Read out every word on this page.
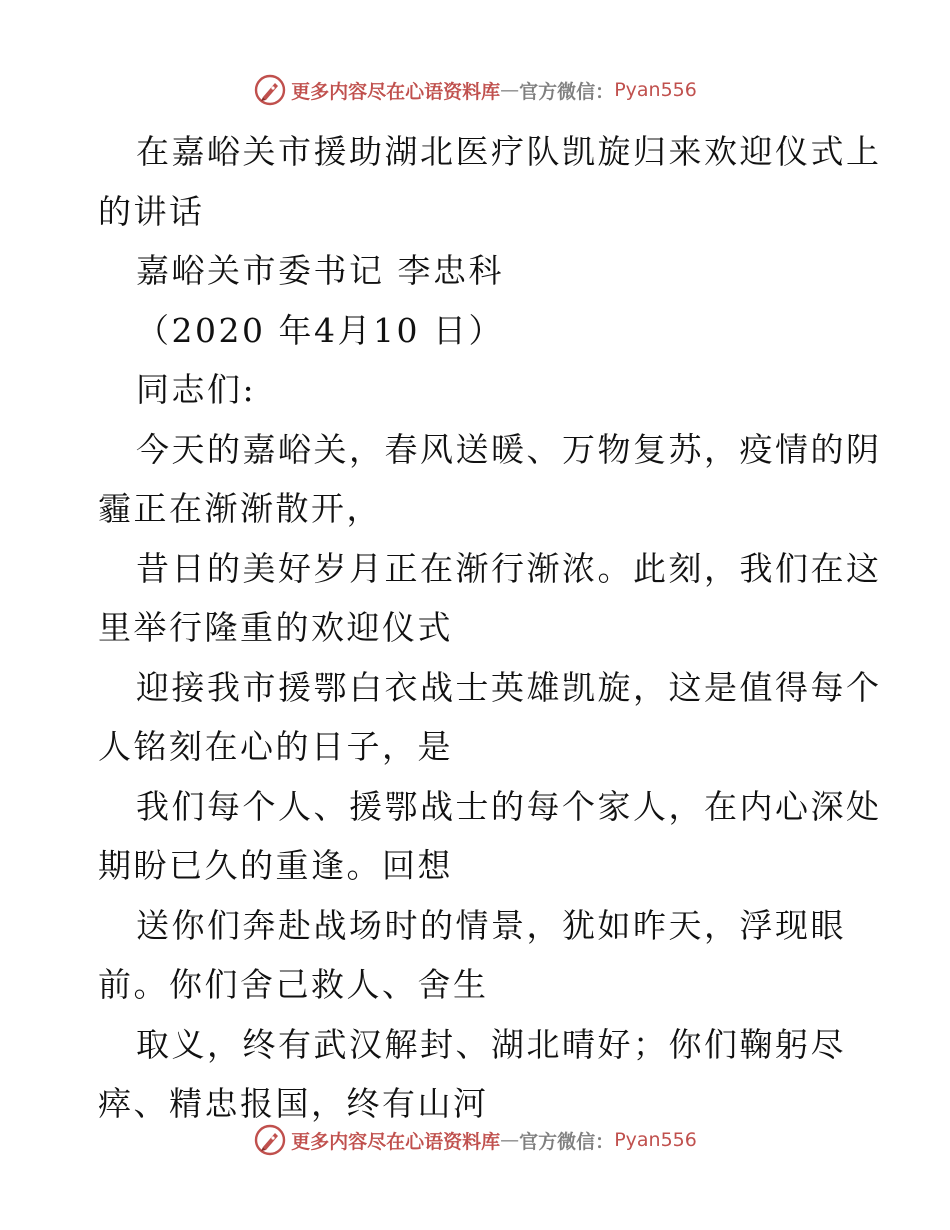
更多内容尽在心语资料库 — 官方微信： Pyan556
在嘉峪关市援助湖北医疗队凯旋归来欢迎仪式上
的讲话
嘉峪关市委书记 李忠科
（2020 年4月10 日）
同志们:
今天的嘉峪关，春风送暖、万物复苏，疫情的阴
霾正在渐渐散开，
昔日的美好岁月正在渐行渐浓。此刻，我们在这
里举行隆重的欢迎仪式
迎接我市援鄂白衣战士英雄凯旋，这是值得每个
人铭刻在心的日子，是
我们每个人、援鄂战士的每个家人，在内心深处
期盼已久的重逢。回想
送你们奔赴战场时的情景，犹如昨天，浮现眼
前。你们舍己救人、舍生
取义，终有武汉解封、湖北晴好；你们鞠躬尽
瘁、精忠报国，终有山河
更多内容尽在心语资料库 — 官方微信： Pyan556
